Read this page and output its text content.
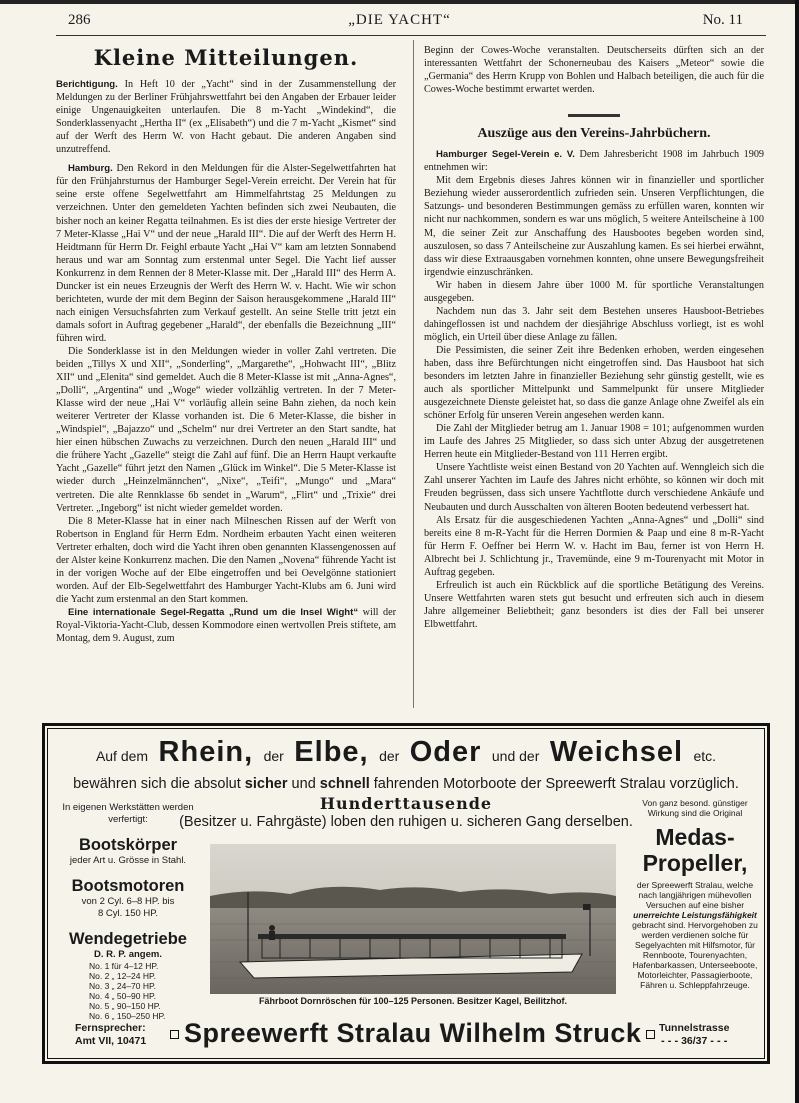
286	„DIE YACHT“	No. 11
Kleine Mitteilungen.

Berichtigung. In Heft 10 der „Yacht“ sind in der Zusammenstellung der Meldungen zu der Berliner Frühjahrswettfahrt bei den Angaben der Erbauer leider einige Ungenauigkeiten unterlaufen. Die 8 m-Yacht „Windekind“, die Sonderklassenyacht „Hertha II“ (ex „Elisabeth“) und die 7 m-Yacht „Kismet“ sind auf der Werft des Herrn W. von Hacht gebaut. Die anderen Angaben sind unzutreffend.

Hamburg. Den Rekord in den Meldungen für die Alster-Segelwettfahrten hat für den Frühjahrsturnus der Hamburger Segel-Verein erreicht. Der Verein hat für seine erste offene Segelwettfahrt am Himmelfahrtstag 25 Meldungen zu verzeichnen. Unter den gemeldeten Yachten befinden sich zwei Neubauten, die bisher noch an keiner Regatta teilnahmen. Es ist dies der erste hiesige Vertreter der 7 Meter-Klasse „Hai V“ und der neue „Harald III“. Die auf der Werft des Herrn H. Heidtmann für Herrn Dr. Feighl erbaute Yacht „Hai V“ kam am letzten Sonnabend heraus und war am Sonntag zum erstenmal unter Segel. Die Yacht lief ausser Konkurrenz in dem Rennen der 8 Meter-Klasse mit. Der „Harald III“ des Herrn A. Duncker ist ein neues Erzeugnis der Werft des Herrn W. v. Hacht. Wie wir schon berichteten, wurde der mit dem Beginn der Saison herausgekommene „Harald III“ nach einigen Versuchsfahrten zum Verkauf gestellt. An seine Stelle tritt jetzt ein damals sofort in Auftrag gegebener „Harald“, der ebenfalls die Bezeichnung „III“ führen wird.

Die Sonderklasse ist in den Meldungen wieder in voller Zahl vertreten. Die beiden „Tillys X und XII“, „Sonderling“, „Margarethe“, „Hohwacht III“, „Blitz XII“ und „Elenita“ sind gemeldet. Auch die 8 Meter-Klasse ist mit „Anna-Agnes“, „Dolli“, „Argentina“ und „Woge“ wieder vollzählig vertreten. In der 7 Meter-Klasse wird der neue „Hai V“ vorläufig allein seine Bahn ziehen, da noch kein weiterer Vertreter der Klasse vorhanden ist. Die 6 Meter-Klasse, die bisher in „Windspiel“, „Bajazzo“ und „Schelm“ nur drei Vertreter an den Start sandte, hat hier einen hübschen Zuwachs zu verzeichnen. Durch den neuen „Harald III“ und die frühere Yacht „Gazelle“ steigt die Zahl auf fünf. Die an Herrn Haupt verkaufte Yacht „Gazelle“ führt jetzt den Namen „Glück im Winkel“. Die 5 Meter-Klasse ist wieder durch „Heinzelmännchen“, „Nixe“, „Teifi“, „Mungo“ und „Mara“ vertreten. Die alte Rennklasse 6b sendet in „Warum“, „Flirt“ und „Trixie“ drei Vertreter. „Ingeborg“ ist nicht wieder gemeldet worden.

Die 8 Meter-Klasse hat in einer nach Milneschen Rissen auf der Werft von Robertson in England für Herrn Edm. Nordheim erbauten Yacht einen weiteren Vertreter erhalten, doch wird die Yacht ihren oben genannten Klassengenossen auf der Alster keine Konkurrenz machen. Die den Namen „Novena“ führende Yacht ist in der vorigen Woche auf der Elbe eingetroffen und bei Oevelgönne stationiert worden. Auf der Elb-Segelwettfahrt des Hamburger Yacht-Klubs am 6. Juni wird die Yacht zum erstenmal an den Start kommen.

Eine internationale Segel-Regatta „Rund um die Insel Wight“ will der Royal-Viktoria-Yacht-Club, dessen Kommodore einen wertvollen Preis stiftete, am Montag, dem 9. August, zum

Beginn der Cowes-Woche veranstalten. Deutscherseits dürften sich an der interessanten Wettfahrt der Schonerneubau des Kaisers „Meteor“ sowie die „Germania“ des Herrn Krupp von Bohlen und Halbach beteiligen, die auch für die Cowes-Woche bestimmt erwartet werden.

Auszüge aus den Vereins-Jahrbüchern.

Hamburger Segel-Verein e. V. Dem Jahresbericht 1908 im Jahrbuch 1909 entnehmen wir:

Mit dem Ergebnis dieses Jahres können wir in finanzieller und sportlicher Beziehung wieder ausserordentlich zufrieden sein. Unseren Verpflichtungen, die Satzungs- und besonderen Bestimmungen gemäss zu erfüllen waren, konnten wir nicht nur nachkommen, sondern es war uns möglich, 5 weitere Anteilscheine à 100 M, die seiner Zeit zur Anschaffung des Hausbootes begeben worden sind, auszulosen, so dass 7 Anteilscheine zur Auszahlung kamen. Es sei hierbei erwähnt, dass wir diese Extraausgaben vornehmen konnten, ohne unsere Bewegungsfreiheit irgendwie einzuschränken.

Wir haben in diesem Jahre über 1000 M. für sportliche Veranstaltungen ausgegeben.

Nachdem nun das 3. Jahr seit dem Bestehen unseres Hausboot-Betriebes dahingeflossen ist und nachdem der diesjährige Abschluss vorliegt, ist es wohl möglich, ein Urteil über diese Anlage zu fällen.

Die Pessimisten, die seiner Zeit ihre Bedenken erhoben, werden eingesehen haben, dass ihre Befürchtungen nicht eingetroffen sind. Das Hausboot hat sich besonders im letzten Jahre in finanzieller Beziehung sehr günstig gestellt, wie es auch als sportlicher Mittelpunkt und Sammelpunkt für unsere Mitglieder ausgezeichnete Dienste geleistet hat, so dass die ganze Anlage ohne Zweifel als ein schöner Erfolg für unseren Verein angesehen werden kann.

Die Zahl der Mitglieder betrug am 1. Januar 1908 = 101; aufgenommen wurden im Laufe des Jahres 25 Mitglieder, so dass sich unter Abzug der ausgetretenen Herren heute ein Mitglieder-Bestand von 111 Herren ergibt.

Unsere Yachtliste weist einen Bestand von 20 Yachten auf. Wenngleich sich die Zahl unserer Yachten im Laufe des Jahres nicht erhöhte, so können wir doch mit Freuden begrüssen, dass sich unsere Yachtflotte durch verschiedene Ankäufe und Neubauten und durch Ausschalten von älteren Booten bedeutend verbessert hat.

Als Ersatz für die ausgeschiedenen Yachten „Anna-Agnes“ und „Dolli“ sind bereits eine 8 m-R-Yacht für die Herren Dormien & Paap und eine 8 m-R-Yacht für Herrn F. Oeffner bei Herrn W. v. Hacht im Bau, ferner ist von Herrn H. Albrecht bei J. Schlichtung jr., Travemünde, eine 9 m-Tourenyacht mit Motor in Auftrag gegeben.

Erfreulich ist auch ein Rückblick auf die sportliche Betätigung des Vereins. Unsere Wettfahrten waren stets gut besucht und erfreuten sich auch in diesem Jahre allgemeiner Beliebtheit; ganz besonders ist dies der Fall bei unserer Elbwettfahrt.

Auf dem Rhein, der Elbe, der Oder und der Weichsel etc.
bewähren sich die absolut sicher und schnell fahrenden Motorboote der Spreewerft Stralau vorzüglich.
Hunderttausende
(Besitzer u. Fahrgäste) loben den ruhigen u. sicheren Gang derselben.
In eigenen Werkstätten werden verfertigt:
Bootskörper
jeder Art u. Grösse in Stahl.
Bootsmotoren
von 2 Cyl. 6–8 HP. bis
8 Cyl. 150 HP.
Wendegetriebe
D. R. P. angem.
No. 1 für 4–12 HP.
No. 2 „ 12–24 HP.
No. 3 „ 24–70 HP.
No. 4 „ 50–90 HP.
No. 5 „ 90–150 HP.
No. 6 „ 150–250 HP.
Von ganz besond. günstiger Wirkung sind die Original
Medas-Propeller,
der Spreewerft Stralau, welche nach langjährigen mühevollen Versuchen auf eine bisher
unerreichte Leistungsfähigkeit
gebracht sind. Hervorgehoben zu werden verdienen solche für Segelyachten mit Hilfsmotor, für Rennboote, Tourenyachten, Hafenbarkassen, Unterseeboote, Motorleichter, Passagierboote, Fähren u. Schleppfahrzeuge.
Fährboot Dornröschen für 100–125 Personen. Besitzer Kagel, Beilitzhof.
Fernsprecher:
Amt VII, 10471	Spreewerft Stralau Wilhelm Struck	Tunnelstrasse
- - - 36/37 - - -
